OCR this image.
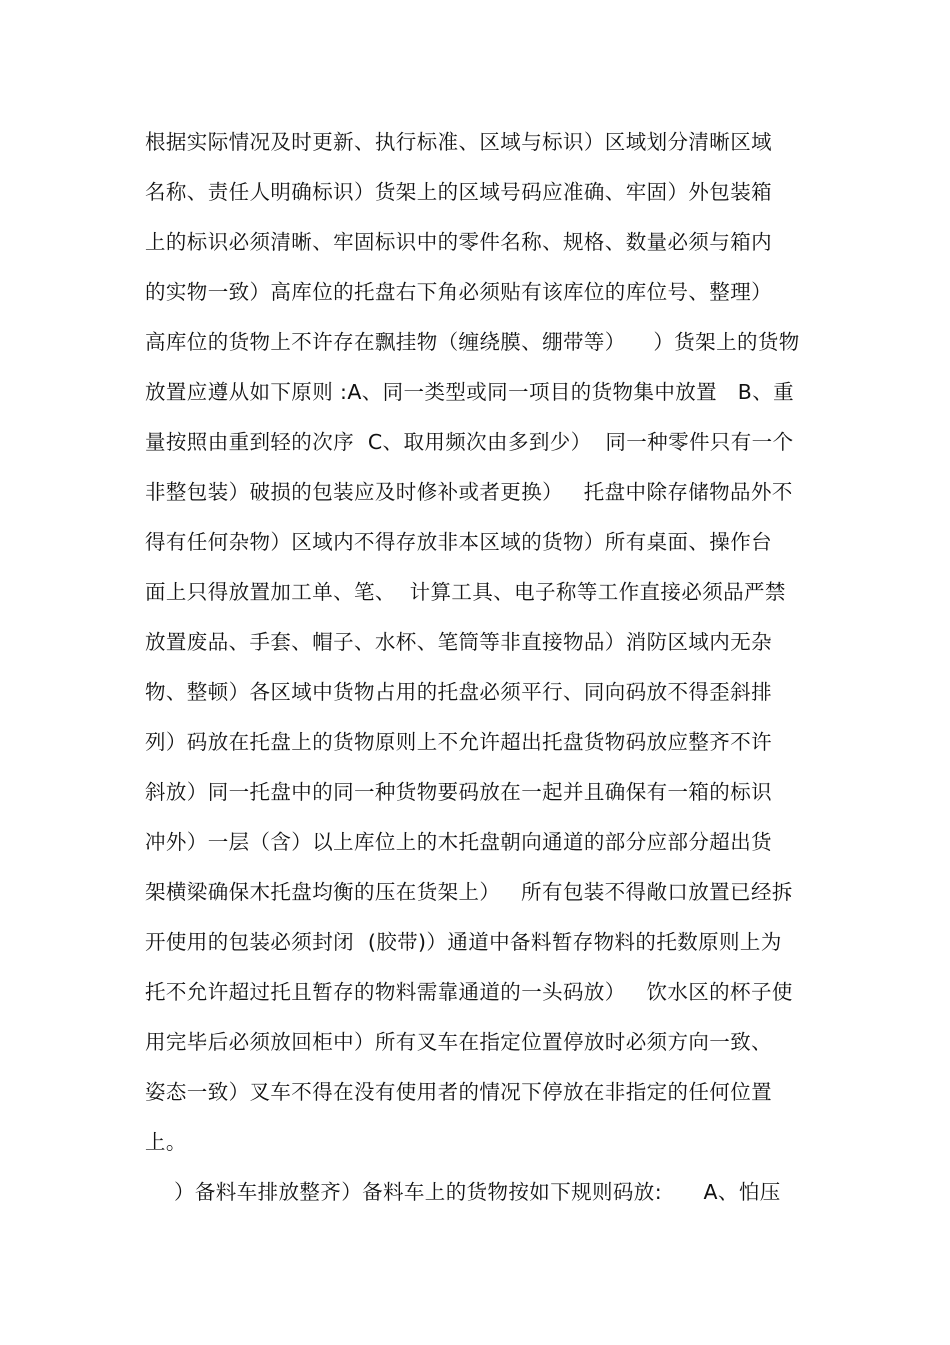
根据实际情况及时更新、执行标准、区域与标识）区域划分清晰区域
名称、责任人明确标识）货架上的区域号码应准确、牢固）外包装箱
上的标识必须清晰、牢固标识中的零件名称、规格、数量必须与箱内
的实物一致）高库位的托盘右下角必须贴有该库位的库位号、整理）
高库位的货物上不许存在飘挂物（缠绕膜、绷带等）    ）货架上的货物
放置应遵从如下原则 :A、同一类型或同一项目的货物集中放置   B、重
量按照由重到轻的次序  C、取用频次由多到少）  同一种零件只有一个
非整包装）破损的包装应及时修补或者更换）   托盘中除存储物品外不
得有任何杂物）区域内不得存放非本区域的货物）所有桌面、操作台
面上只得放置加工单、笔、  计算工具、电子称等工作直接必须品严禁
放置废品、手套、帽子、水杯、笔筒等非直接物品）消防区域内无杂
物、整顿）各区域中货物占用的托盘必须平行、同向码放不得歪斜排
列）码放在托盘上的货物原则上不允许超出托盘货物码放应整齐不许
斜放）同一托盘中的同一种货物要码放在一起并且确保有一箱的标识
冲外）一层（含）以上库位上的木托盘朝向通道的部分应部分超出货
架横梁确保木托盘均衡的压在货架上）   所有包装不得敞口放置已经拆
开使用的包装必须封闭  (胶带)）通道中备料暂存物料的托数原则上为
托不允许超过托且暂存的物料需靠通道的一头码放）   饮水区的杯子使
用完毕后必须放回柜中）所有叉车在指定位置停放时必须方向一致、
姿态一致）叉车不得在没有使用者的情况下停放在非指定的任何位置
上。
）备料车排放整齐）备料车上的货物按如下规则码放:      A、怕压
